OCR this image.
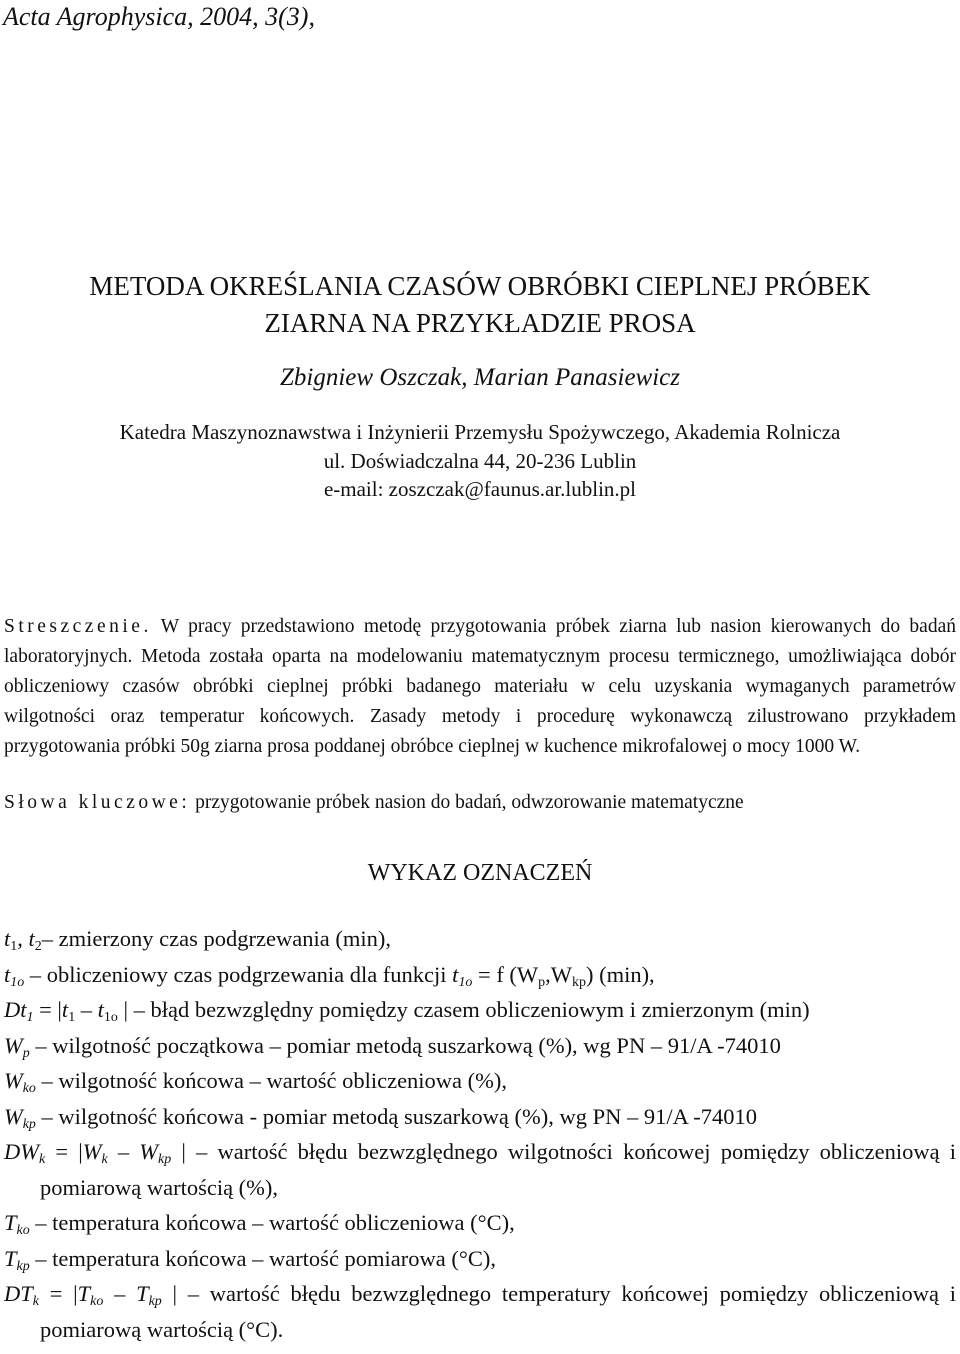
Acta Agrophysica, 2004, 3(3),
METODA OKREŚLANIA CZASÓW OBRÓBKI CIEPLNEJ PRÓBEK
ZIARNA NA PRZYKŁADZIE PROSA
Zbigniew Oszczak, Marian Panasiewicz
Katedra Maszynoznawstwa i Inżynierii Przemysłu Spożywczego, Akademia Rolnicza
ul. Doświadczalna 44, 20-236 Lublin
e-mail: zoszczak@faunus.ar.lublin.pl
Streszczenie. W pracy przedstawiono metodę przygotowania próbek ziarna lub nasion kierowanych do badań laboratoryjnych. Metoda została oparta na modelowaniu matematycznym procesu termicznego, umożliwiająca dobór obliczeniowy czasów obróbki cieplnej próbki badanego materiału w celu uzyskania wymaganych parametrów wilgotności oraz temperatur końcowych. Zasady metody i procedurę wykonawczą zilustrowano przykładem przygotowania próbki 50g ziarna prosa poddanej obróbce cieplnej w kuchence mikrofalowej o mocy 1000 W.
Słowa kluczowe: przygotowanie próbek nasion do badań, odwzorowanie matematyczne
WYKAZ OZNACZEŃ
$t_1$, $t_2-$ zmierzony czas podgrzewania (min),
$t_{1o}$ – obliczeniowy czas podgrzewania dla funkcji $t_{1o} = f$ $(W_p,W_{kp})$ (min),
$Dt_1 = |t_1 - t_{1o}$ | – błąd bezwzględny pomiędzy czasem obliczeniowym i zmierzonym (min)
$W_p$ – wilgotność początkowa – pomiar metodą suszarkową (%), wg PN – 91/A -74010
$W_{ko}$ – wilgotność końcowa – wartość obliczeniowa (%),
$W_{kp}$ – wilgotność końcowa - pomiar metodą suszarkową (%), wg PN – 91/A -74010
$DW_k = |W_k - W_{kp}$ | – wartość błędu bezwzględnego wilgotności końcowej pomiędzy obliczeniową i pomiarową wartością (%),
$T_{ko}$ – temperatura końcowa – wartość obliczeniowa (°C),
$T_{kp}$ – temperatura końcowa – wartość pomiarowa (°C),
$DT_k = |T_{ko} - T_{kp}$ | – wartość błędu bezwzględnego temperatury końcowej pomiędzy obliczeniową i pomiarową wartością (°C).
